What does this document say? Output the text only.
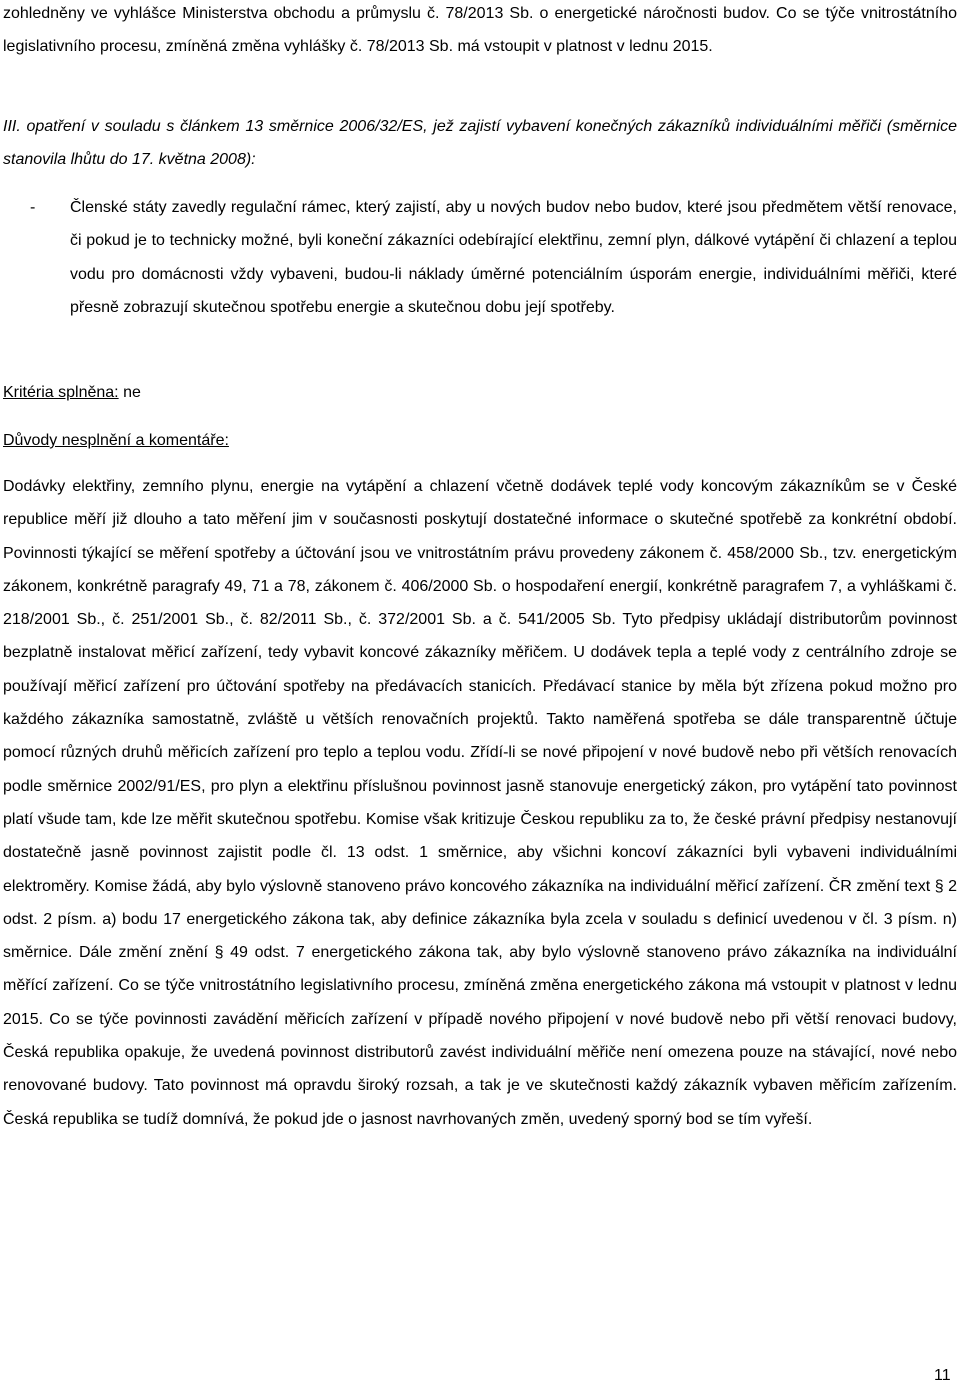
zohledněny ve vyhlášce Ministerstva obchodu a průmyslu č. 78/2013 Sb. o energetické náročnosti budov. Co se týče vnitrostátního legislativního procesu, zmíněná změna vyhlášky č. 78/2013 Sb. má vstoupit v platnost v lednu 2015.

III. opatření v souladu s článkem 13 směrnice 2006/32/ES, jež zajistí vybavení konečných zákazníků individuálními měřiči (směrnice stanovila lhůtu do 17. května 2008):

- Členské státy zavedly regulační rámec, který zajistí, aby u nových budov nebo budov, které jsou předmětem větší renovace, či pokud je to technicky možné, byli koneční zákazníci odebírající elektřinu, zemní plyn, dálkové vytápění či chlazení a teplou vodu pro domácnosti vždy vybaveni, budou-li náklady úměrné potenciálním úsporám energie, individuálními měřiči, které přesně zobrazují skutečnou spotřebu energie a skutečnou dobu její spotřeby.

Kritéria splněna: ne

Důvody nesplnění a komentáře:

Dodávky elektřiny, zemního plynu, energie na vytápění a chlazení včetně dodávek teplé vody koncovým zákazníkům se v České republice měří již dlouho a tato měření jim v současnosti poskytují dostatečné informace o skutečné spotřebě za konkrétní období. Povinnosti týkající se měření spotřeby a účtování jsou ve vnitrostátním právu provedeny zákonem č. 458/2000 Sb., tzv. energetickým zákonem, konkrétně paragrafy 49, 71 a 78, zákonem č. 406/2000 Sb. o hospodaření energií, konkrétně paragrafem 7, a vyhláškami č. 218/2001 Sb., č. 251/2001 Sb., č. 82/2011 Sb., č. 372/2001 Sb. a č. 541/2005 Sb. Tyto předpisy ukládají distributorům povinnost bezplatně instalovat měřicí zařízení, tedy vybavit koncové zákazníky měřičem. U dodávek tepla a teplé vody z centrálního zdroje se používají měřicí zařízení pro účtování spotřeby na předávacích stanicích. Předávací stanice by měla být zřízena pokud možno pro každého zákazníka samostatně, zvláště u větších renovačních projektů. Takto naměřená spotřeba se dále transparentně účtuje pomocí různých druhů měřicích zařízení pro teplo a teplou vodu. Zřídí-li se nové připojení v nové budově nebo při větších renovacích podle směrnice 2002/91/ES, pro plyn a elektřinu příslušnou povinnost jasně stanovuje energetický zákon, pro vytápění tato povinnost platí všude tam, kde lze měřit skutečnou spotřebu. Komise však kritizuje Českou republiku za to, že české právní předpisy nestanovují dostatečně jasně povinnost zajistit podle čl. 13 odst. 1 směrnice, aby všichni koncoví zákazníci byli vybaveni individuálními elektroměry. Komise žádá, aby bylo výslovně stanoveno právo koncového zákazníka na individuální měřicí zařízení. ČR změní text § 2 odst. 2 písm. a) bodu 17 energetického zákona tak, aby definice zákazníka byla zcela v souladu s definicí uvedenou v čl. 3 písm. n) směrnice. Dále změní znění § 49 odst. 7 energetického zákona tak, aby bylo výslovně stanoveno právo zákazníka na individuální měřící zařízení. Co se týče vnitrostátního legislativního procesu, zmíněná změna energetického zákona má vstoupit v platnost v lednu 2015. Co se týče povinnosti zavádění měřicích zařízení v případě nového připojení v nové budově nebo při větší renovaci budovy, Česká republika opakuje, že uvedená povinnost distributorů zavést individuální měřiče není omezena pouze na stávající, nové nebo renovované budovy. Tato povinnost má opravdu široký rozsah, a tak je ve skutečnosti každý zákazník vybaven měřicím zařízením. Česká republika se tudíž domnívá, že pokud jde o jasnost navrhovaných změn, uvedený sporný bod se tím vyřeší.

11
